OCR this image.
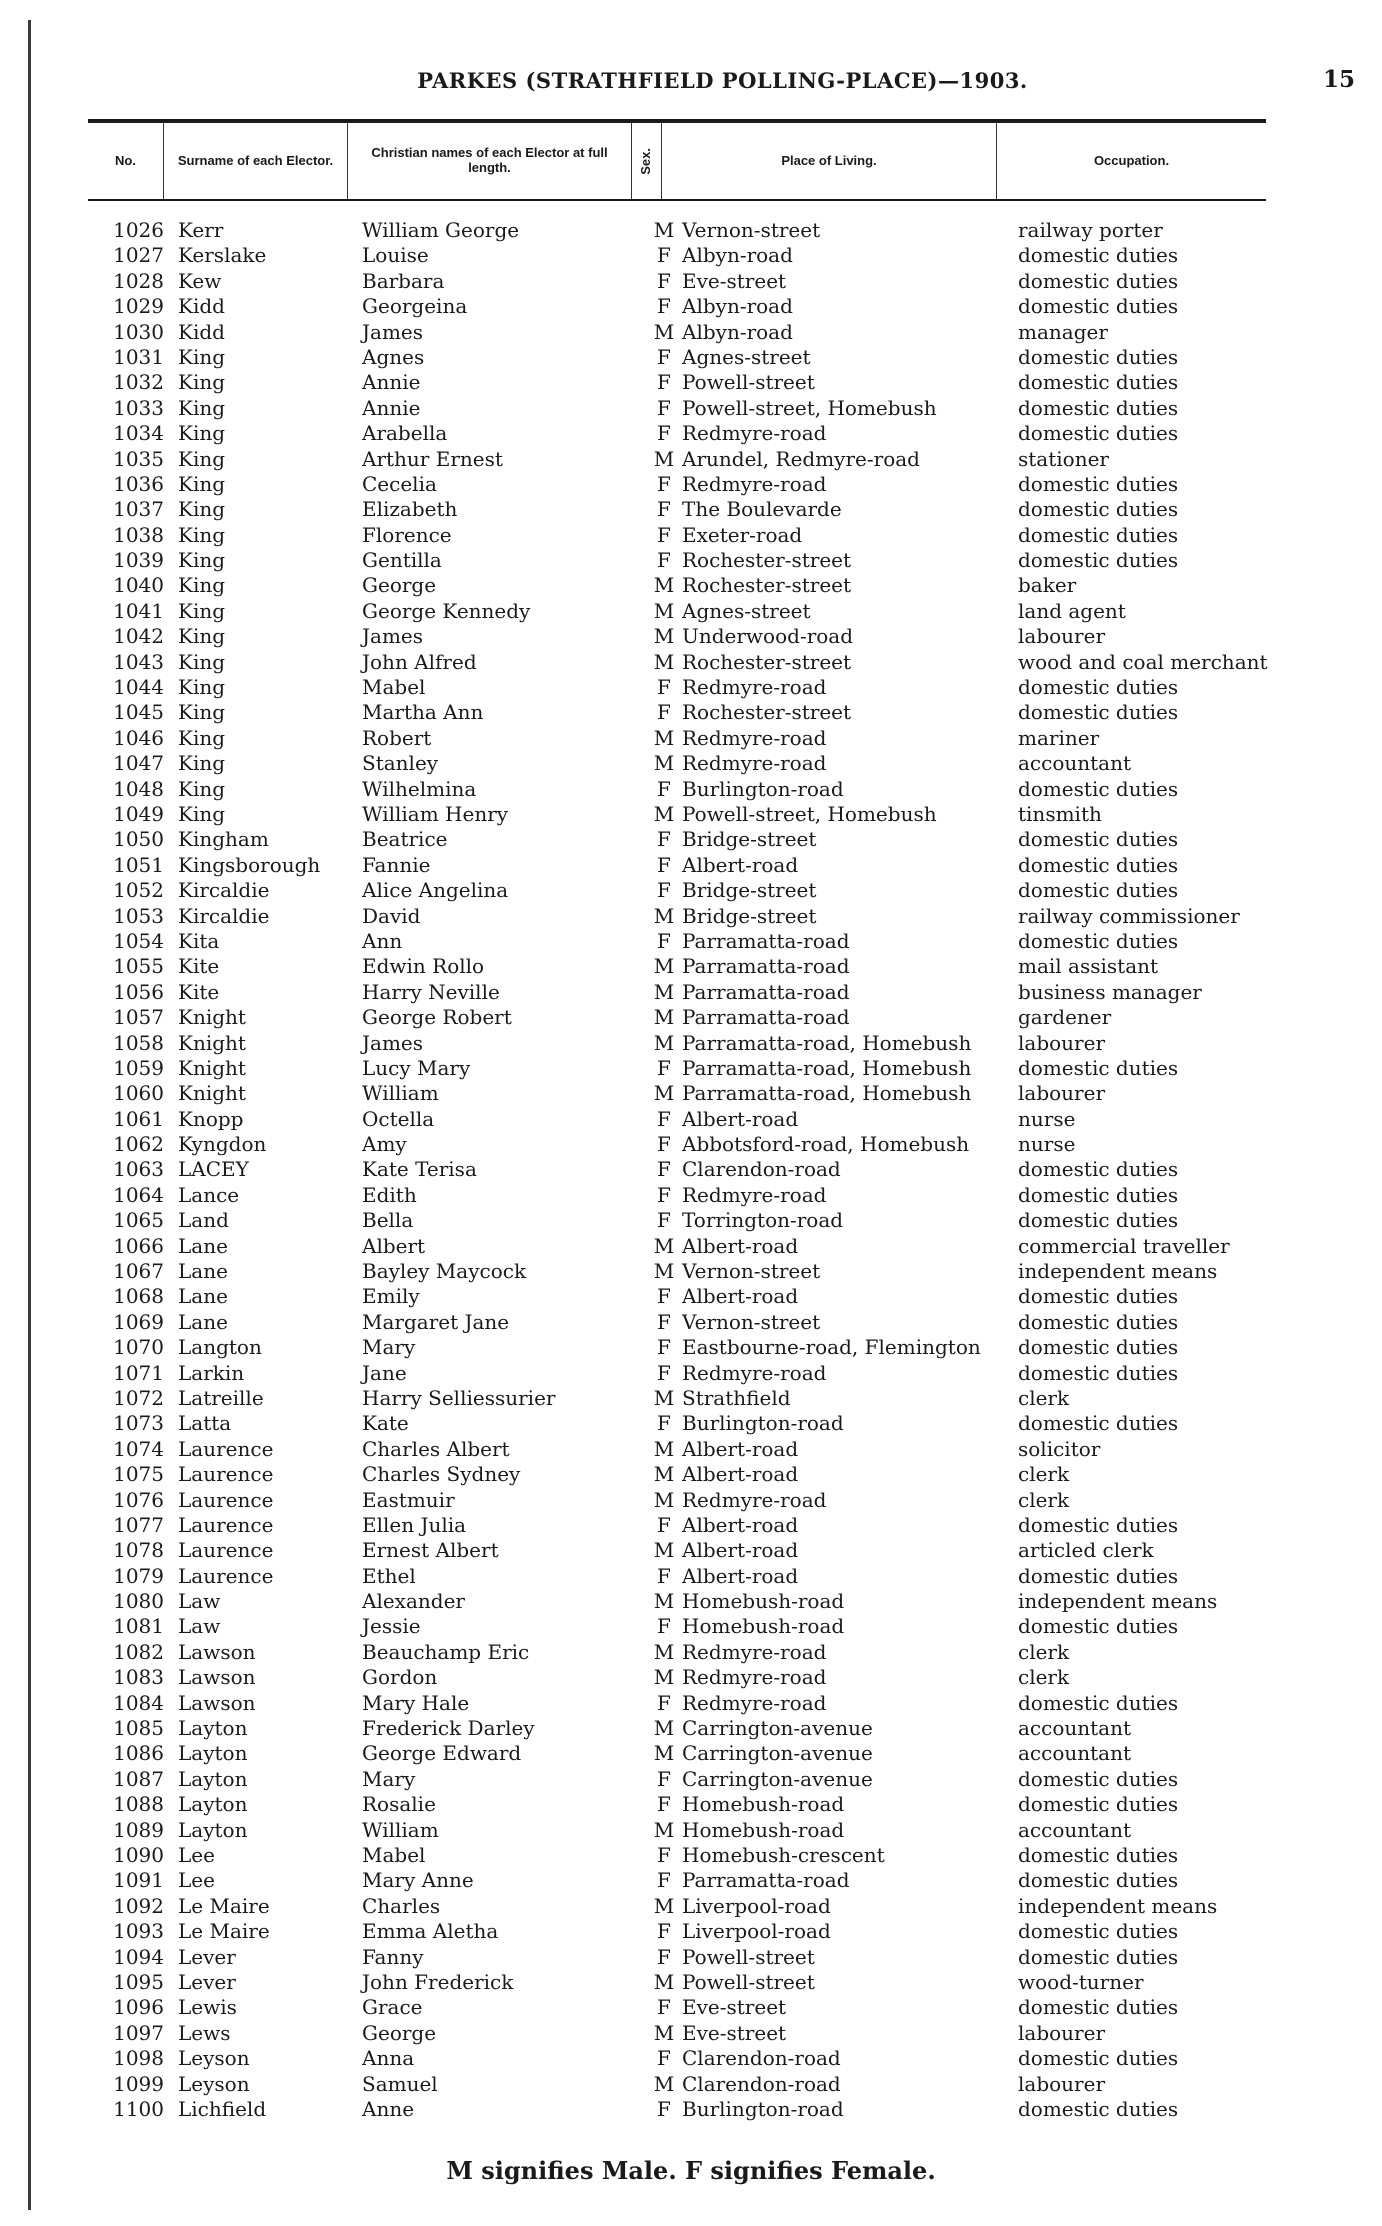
PARKES (STRATHFIELD POLLING-PLACE)—1903.	15
No.	Surname of each Elector.	Christian names of each Elector at full length.	Sex.	Place of Living.	Occupation.
1026 Kerr	William George	M Vernon-street	railway porter
1027 Kerslake	Louise	F Albyn-road	domestic duties
1028 Kew	Barbara	F Eve-street	domestic duties
1029 Kidd	Georgeina	F Albyn-road	domestic duties
1030 Kidd	James	M Albyn-road	manager
1031 King	Agnes	F Agnes-street	domestic duties
1032 King	Annie	F Powell-street	domestic duties
1033 King	Annie	F Powell-street, Homebush	domestic duties
1034 King	Arabella	F Redmyre-road	domestic duties
1035 King	Arthur Ernest	M Arundel, Redmyre-road	stationer
1036 King	Cecelia	F Redmyre-road	domestic duties
1037 King	Elizabeth	F The Boulevarde	domestic duties
1038 King	Florence	F Exeter-road	domestic duties
1039 King	Gentilla	F Rochester-street	domestic duties
1040 King	George	M Rochester-street	baker
1041 King	George Kennedy	M Agnes-street	land agent
1042 King	James	M Underwood-road	labourer
1043 King	John Alfred	M Rochester-street	wood and coal merchant
1044 King	Mabel	F Redmyre-road	domestic duties
1045 King	Martha Ann	F Rochester-street	domestic duties
1046 King	Robert	M Redmyre-road	mariner
1047 King	Stanley	M Redmyre-road	accountant
1048 King	Wilhelmina	F Burlington-road	domestic duties
1049 King	William Henry	M Powell-street, Homebush	tinsmith
1050 Kingham	Beatrice	F Bridge-street	domestic duties
1051 Kingsborough	Fannie	F Albert-road	domestic duties
1052 Kircaldie	Alice Angelina	F Bridge-street	domestic duties
1053 Kircaldie	David	M Bridge-street	railway commissioner
1054 Kita	Ann	F Parramatta-road	domestic duties
1055 Kite	Edwin Rollo	M Parramatta-road	mail assistant
1056 Kite	Harry Neville	M Parramatta-road	business manager
1057 Knight	George Robert	M Parramatta-road	gardener
1058 Knight	James	M Parramatta-road, Homebush	labourer
1059 Knight	Lucy Mary	F Parramatta-road, Homebush	domestic duties
1060 Knight	William	M Parramatta-road, Homebush	labourer
1061 Knopp	Octella	F Albert-road	nurse
1062 Kyngdon	Amy	F Abbotsford-road, Homebush	nurse
1063 LACEY	Kate Terisa	F Clarendon-road	domestic duties
1064 Lance	Edith	F Redmyre-road	domestic duties
1065 Land	Bella	F Torrington-road	domestic duties
1066 Lane	Albert	M Albert-road	commercial traveller
1067 Lane	Bayley Maycock	M Vernon-street	independent means
1068 Lane	Emily	F Albert-road	domestic duties
1069 Lane	Margaret Jane	F Vernon-street	domestic duties
1070 Langton	Mary	F Eastbourne-road, Flemington	domestic duties
1071 Larkin	Jane	F Redmyre-road	domestic duties
1072 Latreille	Harry Selliessurier	M Strathfield	clerk
1073 Latta	Kate	F Burlington-road	domestic duties
1074 Laurence	Charles Albert	M Albert-road	solicitor
1075 Laurence	Charles Sydney	M Albert-road	clerk
1076 Laurence	Eastmuir	M Redmyre-road	clerk
1077 Laurence	Ellen Julia	F Albert-road	domestic duties
1078 Laurence	Ernest Albert	M Albert-road	articled clerk
1079 Laurence	Ethel	F Albert-road	domestic duties
1080 Law	Alexander	M Homebush-road	independent means
1081 Law	Jessie	F Homebush-road	domestic duties
1082 Lawson	Beauchamp Eric	M Redmyre-road	clerk
1083 Lawson	Gordon	M Redmyre-road	clerk
1084 Lawson	Mary Hale	F Redmyre-road	domestic duties
1085 Layton	Frederick Darley	M Carrington-avenue	accountant
1086 Layton	George Edward	M Carrington-avenue	accountant
1087 Layton	Mary	F Carrington-avenue	domestic duties
1088 Layton	Rosalie	F Homebush-road	domestic duties
1089 Layton	William	M Homebush-road	accountant
1090 Lee	Mabel	F Homebush-crescent	domestic duties
1091 Lee	Mary Anne	F Parramatta-road	domestic duties
1092 Le Maire	Charles	M Liverpool-road	independent means
1093 Le Maire	Emma Aletha	F Liverpool-road	domestic duties
1094 Lever	Fanny	F Powell-street	domestic duties
1095 Lever	John Frederick	M Powell-street	wood-turner
1096 Lewis	Grace	F Eve-street	domestic duties
1097 Lews	George	M Eve-street	labourer
1098 Leyson	Anna	F Clarendon-road	domestic duties
1099 Leyson	Samuel	M Clarendon-road	labourer
1100 Lichfield	Anne	F Burlington-road	domestic duties
M signifies Male. F signifies Female.
